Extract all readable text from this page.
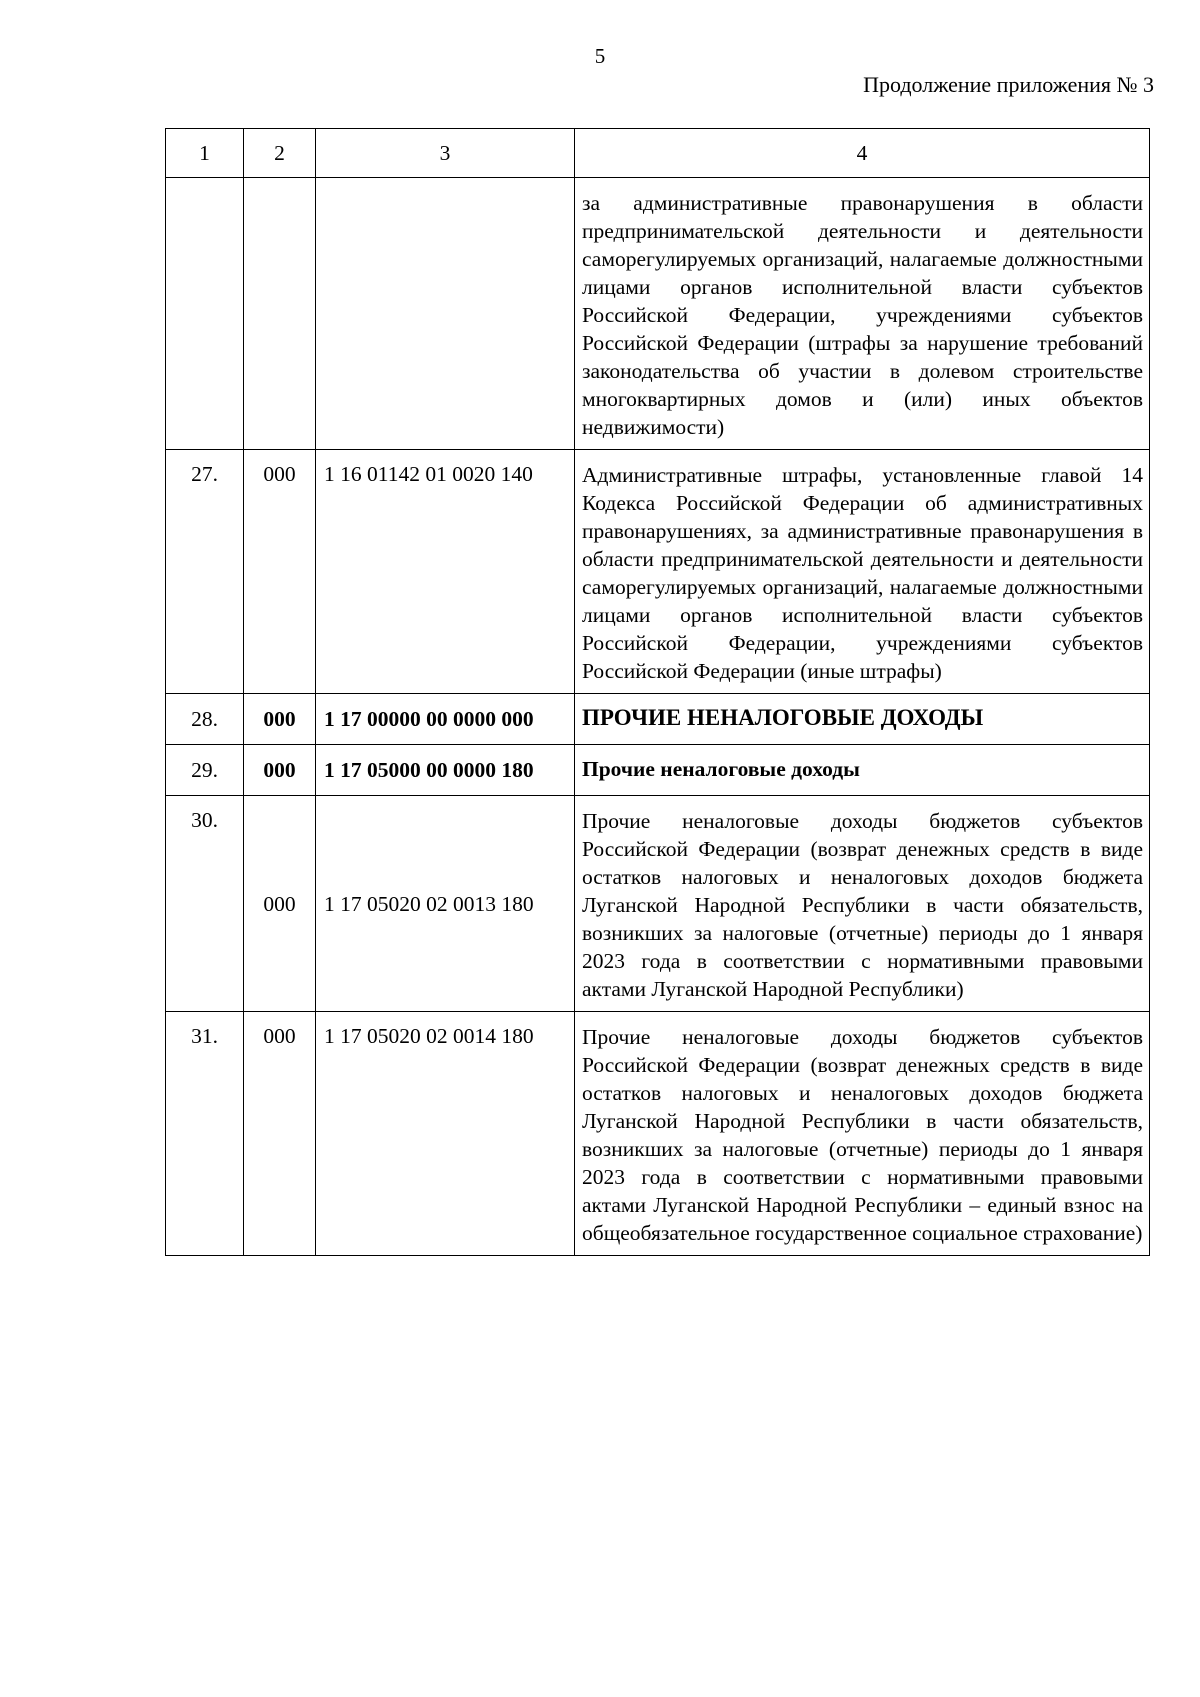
5
Продолжение приложения № 3
1	2	3	4
			за административные правонарушения в области предпринимательской деятельности и деятельности саморегулируемых организаций, налагаемые должностными лицами органов исполнительной власти субъектов Российской Федерации, учреждениями субъектов Российской Федерации (штрафы за нарушение требований законодательства об участии в долевом строительстве многоквартирных домов и (или) иных объектов недвижимости)
27.	000	1 16 01142 01 0020 140	Административные штрафы, установленные главой 14 Кодекса Российской Федерации об административных правонарушениях, за административные правонарушения в области предпринимательской деятельности и деятельности саморегулируемых организаций, налагаемые должностными лицами органов исполнительной власти субъектов Российской Федерации, учреждениями субъектов Российской Федерации (иные штрафы)
28.	000	1 17 00000 00 0000 000	ПРОЧИЕ НЕНАЛОГОВЫЕ ДОХОДЫ
29.	000	1 17 05000 00 0000 180	Прочие неналоговые доходы
30.	000	1 17 05020 02 0013 180	Прочие неналоговые доходы бюджетов субъектов Российской Федерации (возврат денежных средств в виде остатков налоговых и неналоговых доходов бюджета Луганской Народной Республики в части обязательств, возникших за налоговые (отчетные) периоды до 1 января 2023 года в соответствии с нормативными правовыми актами Луганской Народной Республики)
31.	000	1 17 05020 02 0014 180	Прочие неналоговые доходы бюджетов субъектов Российской Федерации (возврат денежных средств в виде остатков налоговых и неналоговых доходов бюджета Луганской Народной Республики в части обязательств, возникших за налоговые (отчетные) периоды до 1 января 2023 года в соответствии с нормативными правовыми актами Луганской Народной Республики – единый взнос на общеобязательное государственное социальное страхование)
